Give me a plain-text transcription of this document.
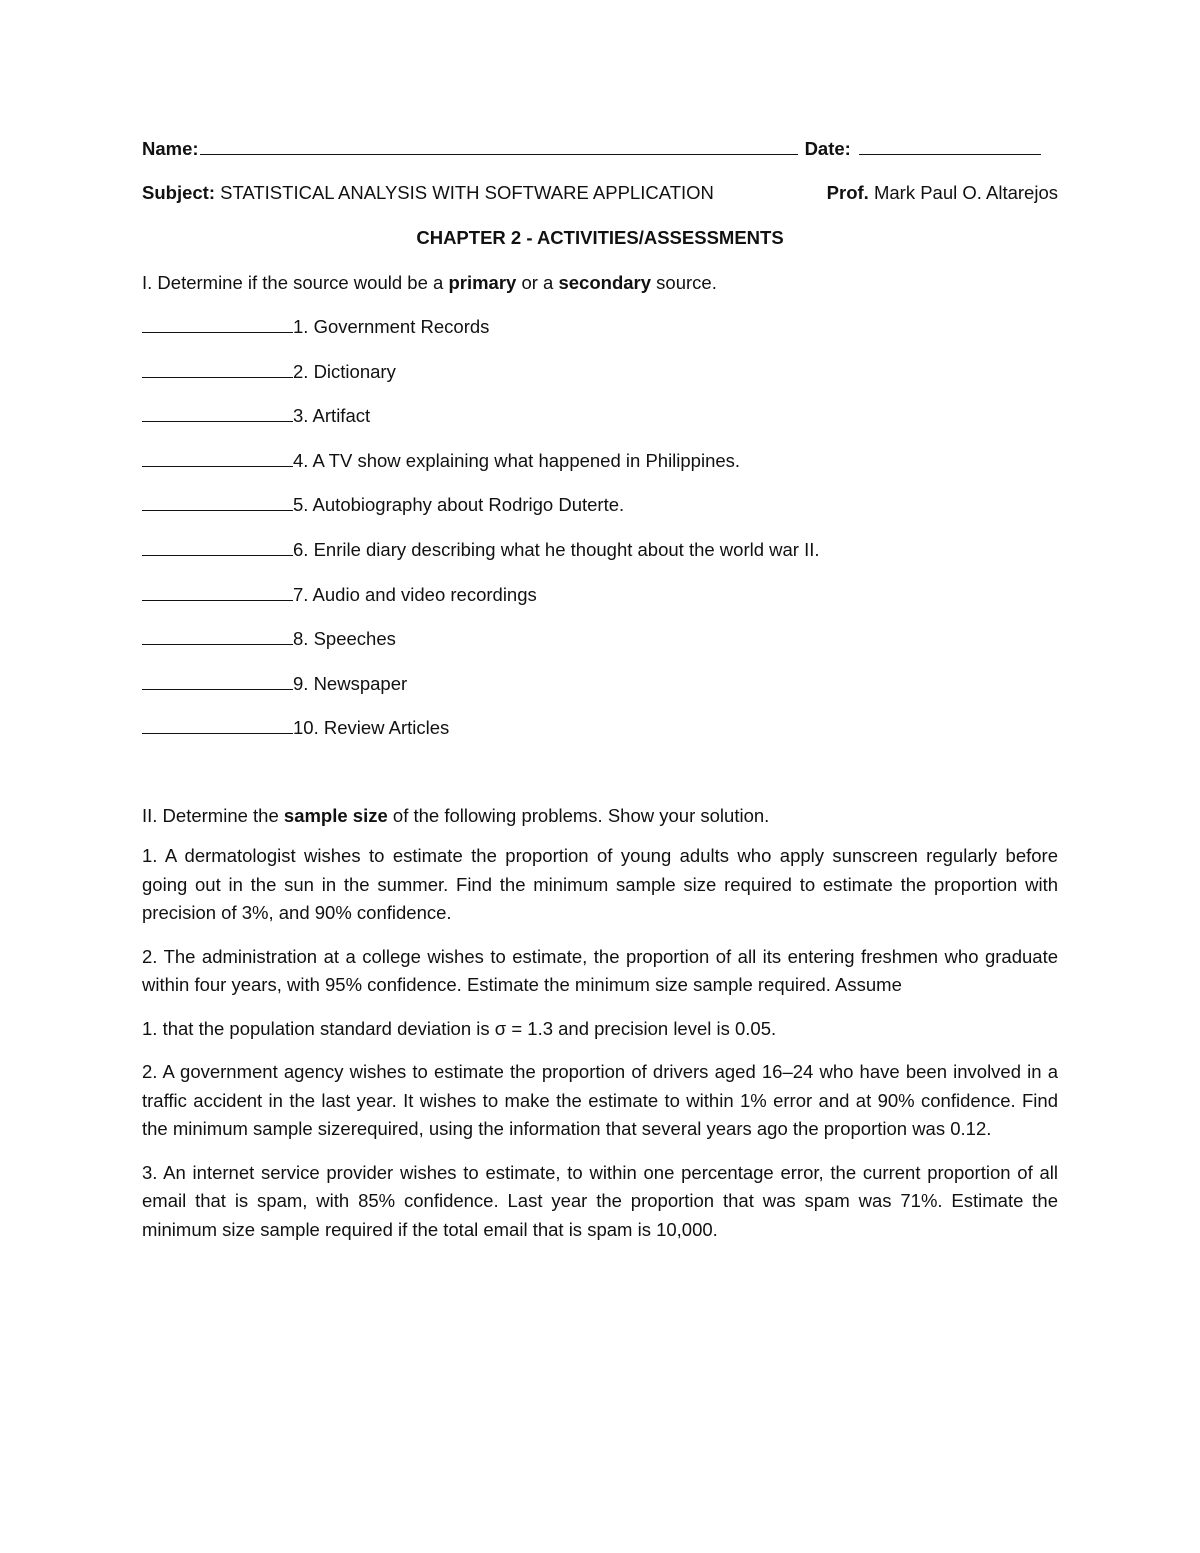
Name:	Date:
Subject: STATISTICAL ANALYSIS WITH SOFTWARE APPLICATION	Prof. Mark Paul O. Altarejos
CHAPTER 2 - ACTIVITIES/ASSESSMENTS
I. Determine if the source would be a primary or a secondary source.
1. Government Records
2. Dictionary
3. Artifact
4. A TV show explaining what happened in Philippines.
5. Autobiography about Rodrigo Duterte.
6. Enrile diary describing what he thought about the world war II.
7. Audio and video recordings
8. Speeches
9. Newspaper
10. Review Articles
II. Determine the sample size of the following problems. Show your solution.

1. A dermatologist wishes to estimate the proportion of young adults who apply sunscreen regularly before going out in the sun in the summer. Find the minimum sample size required to estimate the proportion with precision of 3%, and 90% confidence.

2. The administration at a college wishes to estimate, the proportion of all its entering freshmen who graduate within four years, with 95% confidence. Estimate the minimum size sample required. Assume

1. that the population standard deviation is σ = 1.3 and precision level is 0.05.

2. A government agency wishes to estimate the proportion of drivers aged 16–24 who have been involved in a traffic accident in the last year. It wishes to make the estimate to within 1% error and at 90% confidence. Find the minimum sample sizerequired, using the information that several years ago the proportion was 0.12.

3. An internet service provider wishes to estimate, to within one percentage error, the current proportion of all email that is spam, with 85% confidence. Last year the proportion that was spam was 71%. Estimate the minimum size sample required if the total email that is spam is 10,000.
